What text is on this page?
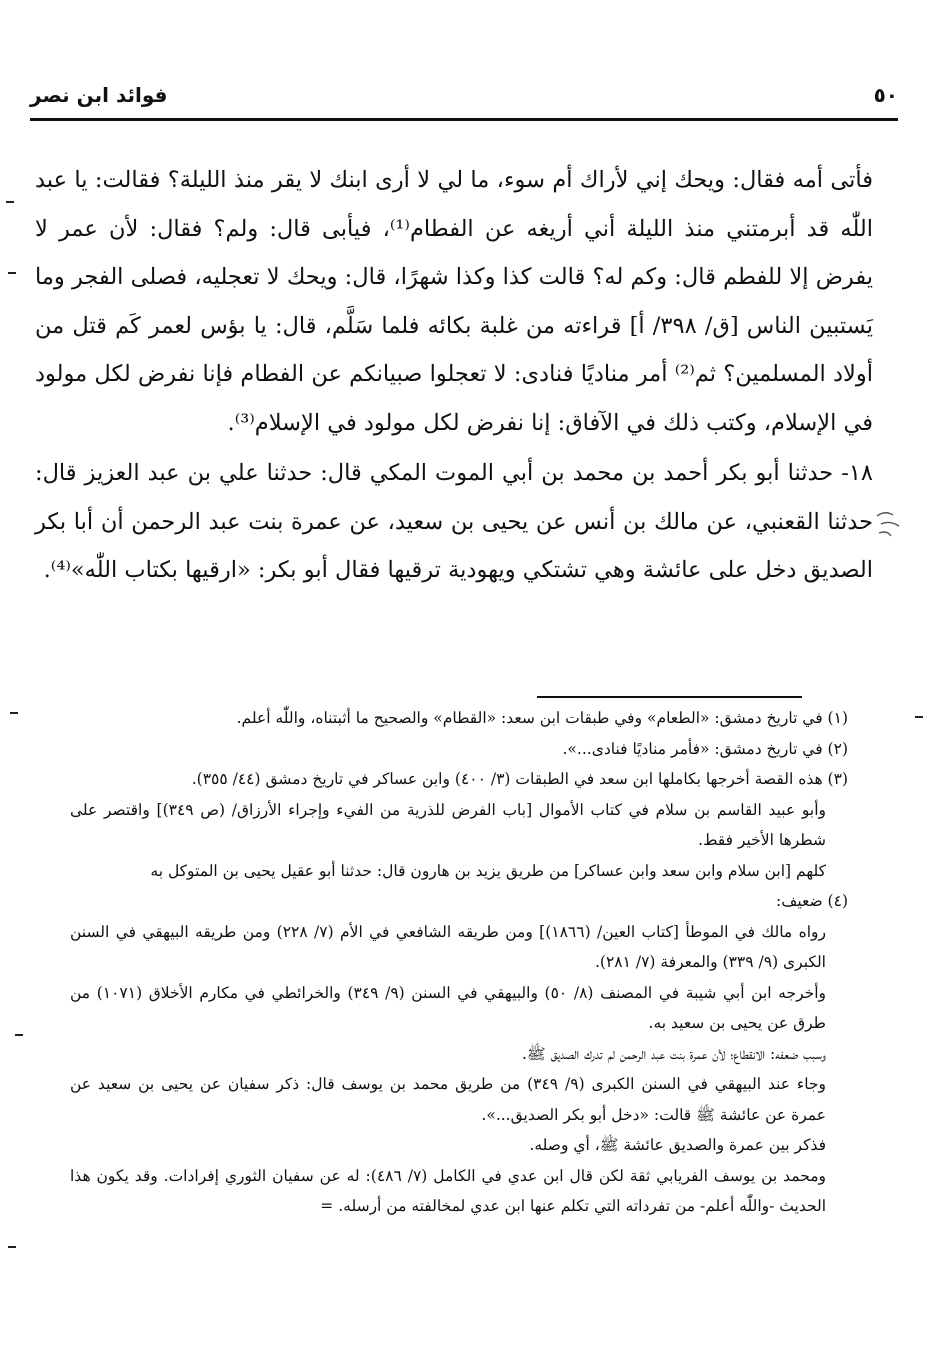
فوائد ابن نصر	٥٠

فأتى أمه فقال: ويحك إني لأراك أم سوء، ما لي لا أرى ابنك لا يقر منذ الليلة؟ فقالت: يا عبد اللّٰه قد أبرمتني منذ الليلة أني أريغه عن الفطام⁽¹⁾، فيأبى قال: ولم؟ فقال: لأن عمر لا يفرض إلا للفطم قال: وكم له؟ قالت كذا وكذا شهرًا، قال: ويحك لا تعجليه، فصلى الفجر وما يَستبين الناس [ق/ ٣٩٨/ أ] قراءته من غلبة بكائه فلما سَلَّم، قال: يا بؤس لعمر كَم قتل من أولاد المسلمين؟ ثم⁽²⁾ أمر مناديًا فنادى: لا تعجلوا صبيانكم عن الفطام فإنا نفرض لكل مولود في الإسلام، وكتب ذلك في الآفاق: إنا نفرض لكل مولود في الإسلام⁽³⁾.

١٨- حدثنا أبو بكر أحمد بن محمد بن أبي الموت المكي قال: حدثنا علي بن عبد العزيز قال: حدثنا القعنبي، عن مالك بن أنس عن يحيى بن سعيد، عن عمرة بنت عبد الرحمن أن أبا بكر الصديق دخل على عائشة وهي تشتكي ويهودية ترقيها فقال أبو بكر: «ارقيها بكتاب اللّٰه»⁽⁴⁾.

(١) في تاريخ دمشق: «الطعام» وفي طبقات ابن سعد: «القطام» والصحيح ما أثبتناه، واللّٰه أعلم.

(٢) في تاريخ دمشق: «فأمر مناديًا فنادى...».

(٣) هذه القصة أخرجها بكاملها ابن سعد في الطبقات (٣/ ٤٠٠) وابن عساكر في تاريخ دمشق (٤٤/ ٣٥٥).

وأبو عبيد القاسم بن سلام في كتاب الأموال [باب الفرض للذرية من الفيء وإجراء الأرزاق/ (ص ٣٤٩)] واقتصر على شطرها الأخير فقط.

كلهم [ابن سلام وابن سعد وابن عساكر] من طريق يزيد بن هارون قال: حدثنا أبو عقيل يحيى بن المتوكل به

(٤) ضعيف:

رواه مالك في الموطأ [كتاب العين/ (١٨٦٦)] ومن طريقه الشافعي في الأم (٧/ ٢٢٨) ومن طريقه البيهقي في السنن الكبرى (٩/ ٣٣٩) والمعرفة (٧/ ٢٨١).

وأخرجه ابن أبي شيبة في المصنف (٨/ ٥٠) والبيهقي في السنن (٩/ ٣٤٩) والخرائطي في مكارم الأخلاق (١٠٧١) من طرق عن يحيى بن سعيد به.

وسبب ضعفه: الانقطاع؛ لأن عمرة بنت عبد الرحمن لم تدرك الصديق ﷺ.

وجاء عند البيهقي في السنن الكبرى (٩/ ٣٤٩) من طريق محمد بن يوسف قال: ذكر سفيان عن يحيى بن سعيد عن عمرة عن عائشة ﷺ قالت: «دخل أبو بكر الصديق...».

فذكر بين عمرة والصديق عائشة ﷺ، أي وصله.

ومحمد بن يوسف الفريابي ثقة لكن قال ابن عدي في الكامل (٧/ ٤٨٦): له عن سفيان الثوري إفرادات. وقد يكون هذا الحديث -واللّٰه أعلم- من تفرداته التي تكلم عنها ابن عدي لمخالفته من أرسله. =
